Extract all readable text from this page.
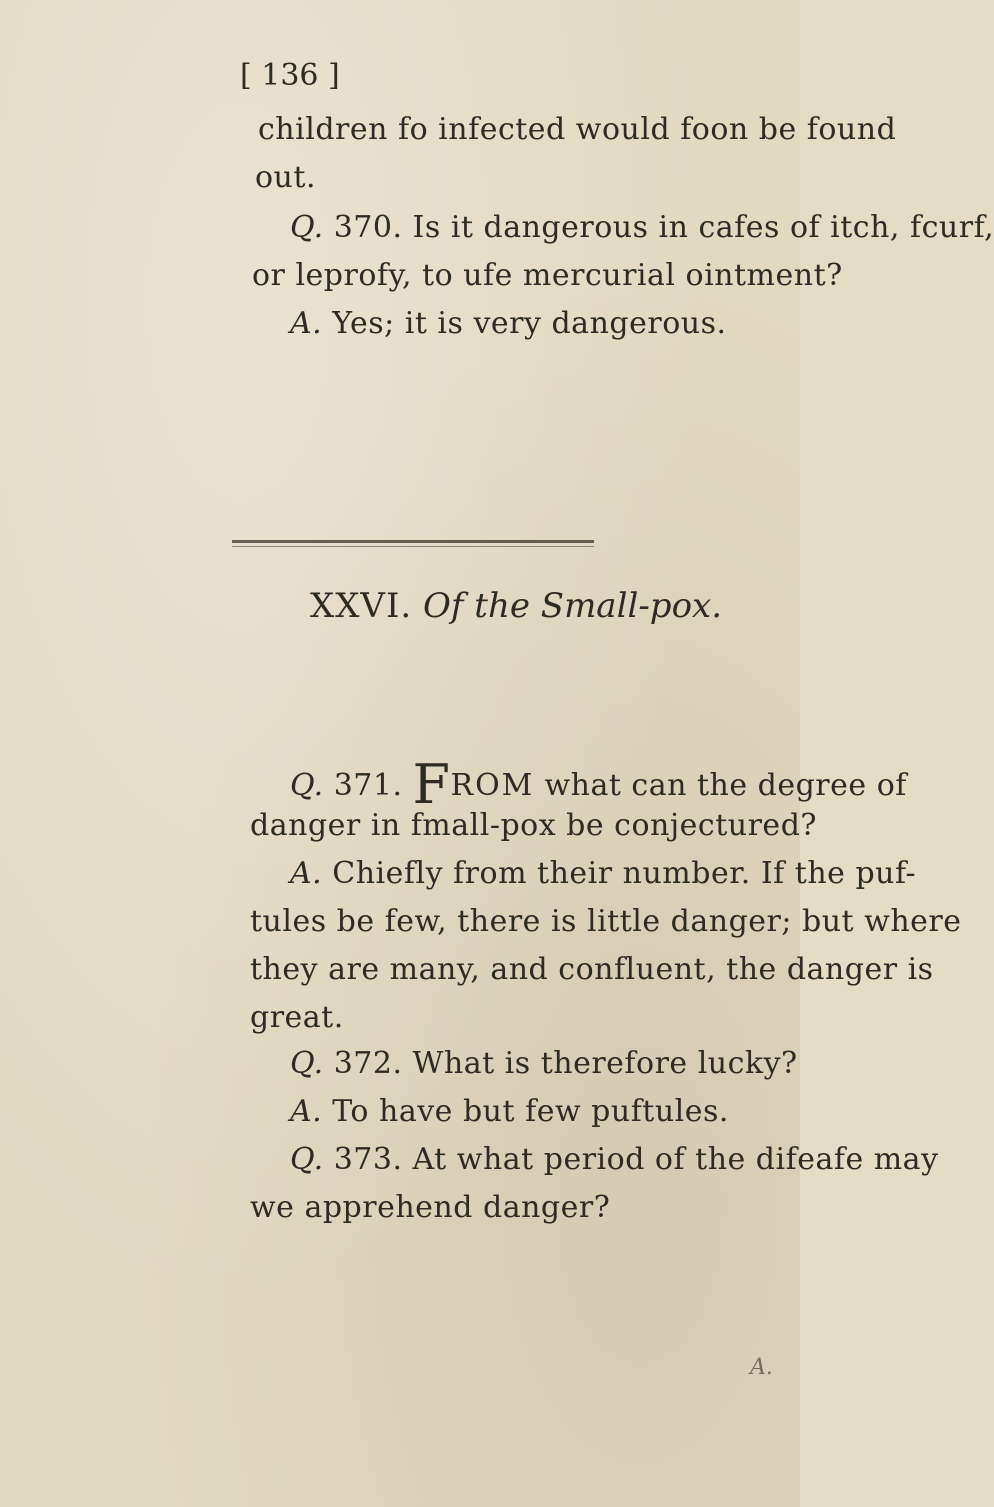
[ 136 ]
children fo infected would foon be found
out.
Q. 370. Is it dangerous in cafes of itch, fcurf,
or leprofy, to ufe mercurial ointment?
A. Yes; it is very dangerous.
XXVI. Of the Small-pox.
Q. 371. FROM what can the degree of
danger in fmall-pox be conjectured?
A. Chiefly from their number. If the puf-
tules be few, there is little danger; but where
they are many, and confluent, the danger is
great.
Q. 372. What is therefore lucky?
A. To have but few puftules.
Q. 373. At what period of the difeafe may
we apprehend danger?
A.
